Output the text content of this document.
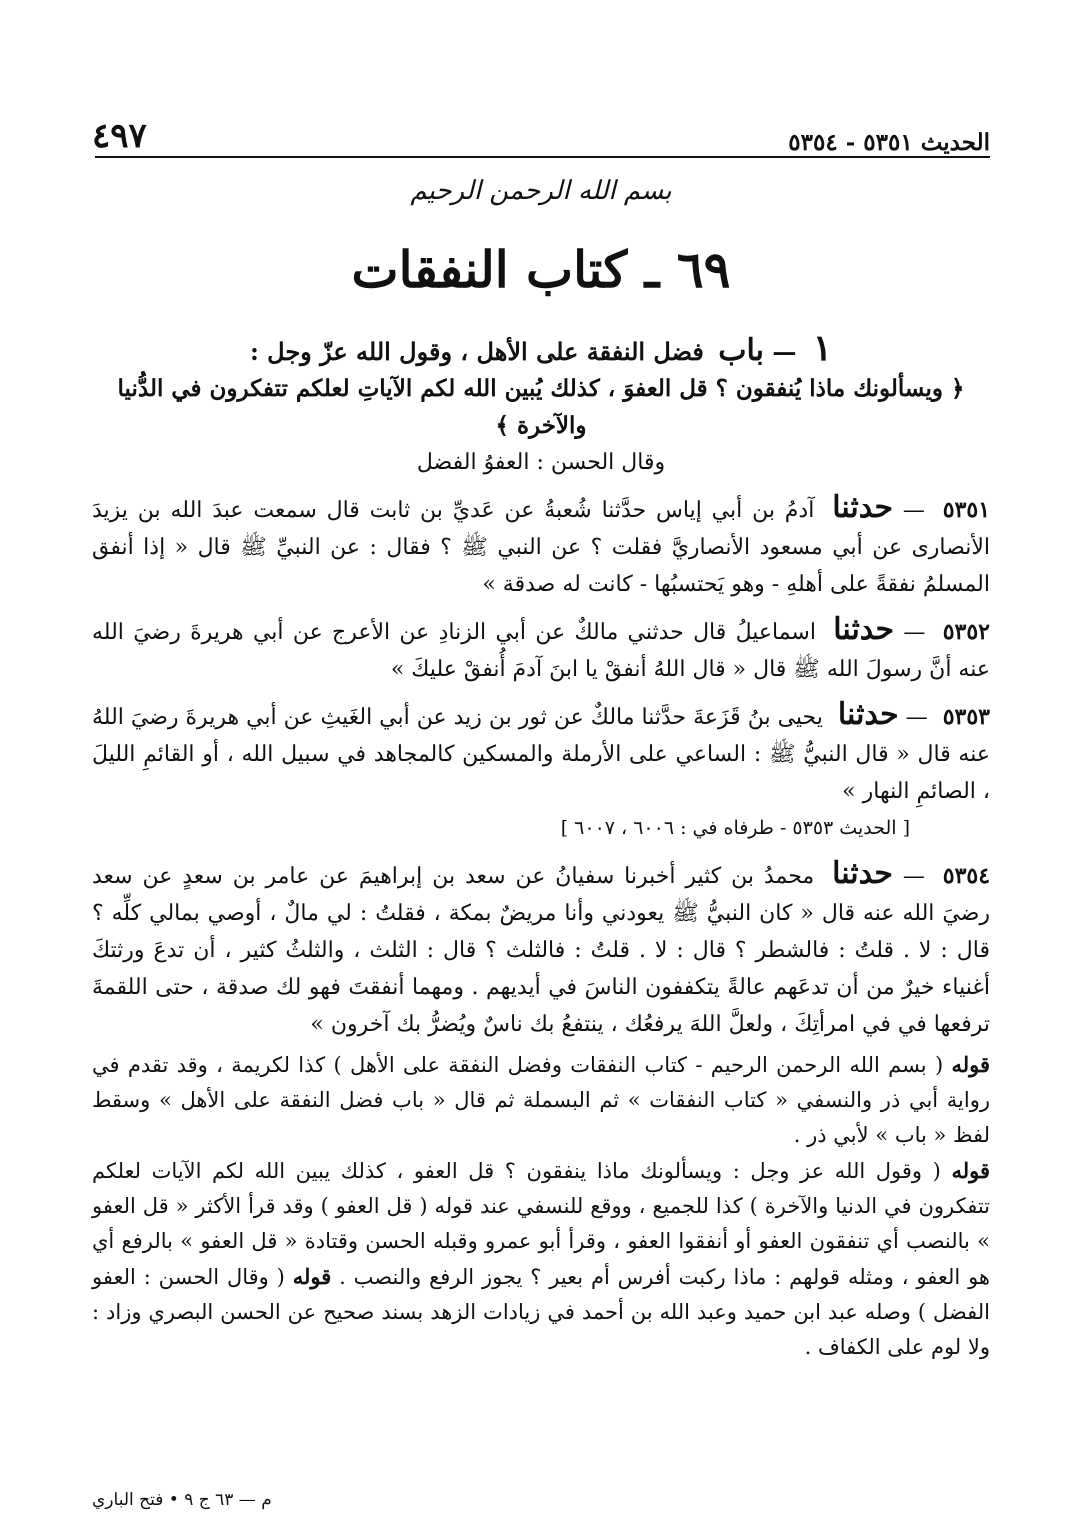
الحديث ٥٣٥١ - ٥٣٥٤
٤٩٧
بسم الله الرحمن الرحيم
٦٩ ـ كتاب النفقات
١ — باب فضل النفقة على الأهل ، وقول الله عزّ وجل :
﴿ ويسألونك ماذا يُنفقون ؟ قل العفوَ ، كذلك يُبين الله لكم الآياتِ لعلكم تتفكرون في الدُّنيا والآخرة ﴾
وقال الحسن : العفوُ الفضل
٥٣٥١ — حدثنا آدمُ بن أبي إياس حدَّثنا شُعبةُ عن عَديِّ بن ثابت قال سمعت عبدَ الله بن يزيدَ الأنصارى عن أبي مسعود الأنصاريَّ فقلت ؟ عن النبي ﷺ ؟ فقال : عن النبيِّ ﷺ قال « إذا أنفق المسلمُ نفقةً على أهلهِ - وهو يَحتسبُها - كانت له صدقة »
٥٣٥٢ — حدثنا اسماعيلُ قال حدثني مالكٌ عن أبي الزنادِ عن الأعرج عن أبي هريرةَ رضيَ الله عنه أنَّ رسولَ الله ﷺ قال « قال اللهُ أنفقْ يا ابنَ آدمَ أُنفقْ عليكَ »
٥٣٥٣ — حدثنا يحيى بنُ قَزَعةَ حدَّثنا مالكٌ عن ثور بن زيد عن أبي الغَيثِ عن أبي هريرةَ رضيَ اللهُ عنه قال « قال النبيُّ ﷺ : الساعي على الأرملة والمسكين كالمجاهد في سبيل الله ، أو القائمِ الليلَ ، الصائمِ النهار »
[ الحديث ٥٣٥٣ - طرفاه في : ٦٠٠٦ ، ٦٠٠٧ ]
٥٣٥٤ — حدثنا محمدُ بن كثير أخبرنا سفيانُ عن سعد بن إبراهيمَ عن عامر بن سعدٍ عن سعد رضيَ الله عنه قال « كان النبيُّ ﷺ يعودني وأنا مريضٌ بمكة ، فقلتُ : لي مالٌ ، أوصي بمالي كلِّه ؟ قال : لا . قلتُ : فالشطر ؟ قال : لا . قلتُ : فالثلث ؟ قال : الثلث ، والثلثُ كثير ، أن تدعَ ورثتكَ أغنياء خيرٌ من أن تدعَهم عالةً يتكففون الناسَ في أيديهم . ومهما أنفقتَ فهو لك صدقة ، حتى اللقمةَ ترفعها في في امرأتِكَ ، ولعلَّ اللهَ يرفعُك ، ينتفعُ بك ناسٌ ويُضرُّ بك آخرون »
قوله ( بسم الله الرحمن الرحيم - كتاب النفقات وفضل النفقة على الأهل ) كذا لكريمة ، وقد تقدم في رواية أبي ذر والنسفي « كتاب النفقات » ثم البسملة ثم قال « باب فضل النفقة على الأهل » وسقط لفظ « باب » لأبي ذر .
قوله ( وقول الله عز وجل : ويسألونك ماذا ينفقون ؟ قل العفو ، كذلك يبين الله لكم الآيات لعلكم تتفكرون في الدنيا والآخرة ) كذا للجميع ، ووقع للنسفي عند قوله ( قل العفو ) وقد قرأ الأكثر « قل العفو » بالنصب أي تنفقون العفو أو أنفقوا العفو ، وقرأ أبو عمرو وقبله الحسن وقتادة « قل العفو » بالرفع أي هو العفو ، ومثله قولهم : ماذا ركبت أفرس أم بعير ؟ يجوز الرفع والنصب . قوله ( وقال الحسن : العفو الفضل ) وصله عبد ابن حميد وعبد الله بن أحمد في زيادات الزهد بسند صحيح عن الحسن البصري وزاد : ولا لوم على الكفاف .
م — ٦٣ ج ٩ • فتح الباري
